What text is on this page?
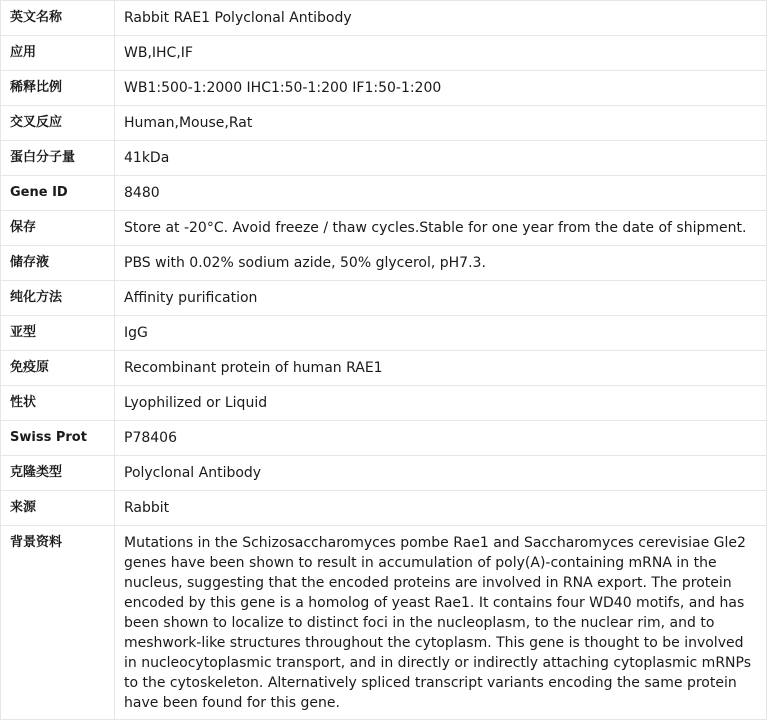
英文名称	Rabbit RAE1 Polyclonal Antibody
应用	WB,IHC,IF
稀释比例	WB1:500-1:2000 IHC1:50-1:200 IF1:50-1:200
交叉反应	Human,Mouse,Rat
蛋白分子量	41kDa
Gene ID	8480
保存	Store at -20°C. Avoid freeze / thaw cycles.Stable for one year from the date of shipment.
储存液	PBS with 0.02% sodium azide, 50% glycerol, pH7.3.
纯化方法	Affinity purification
亚型	IgG
免疫原	Recombinant protein of human RAE1
性状	Lyophilized or Liquid
Swiss Prot	P78406
克隆类型	Polyclonal Antibody
来源	Rabbit
背景资料	Mutations in the Schizosaccharomyces pombe Rae1 and Saccharomyces cerevisiae Gle2 genes have been shown to result in accumulation of poly(A)-containing mRNA in the nucleus, suggesting that the encoded proteins are involved in RNA export. The protein encoded by this gene is a homolog of yeast Rae1. It contains four WD40 motifs, and has been shown to localize to distinct foci in the nucleoplasm, to the nuclear rim, and to meshwork-like structures throughout the cytoplasm. This gene is thought to be involved in nucleocytoplasmic transport, and in directly or indirectly attaching cytoplasmic mRNPs to the cytoskeleton. Alternatively spliced transcript variants encoding the same protein have been found for this gene.
